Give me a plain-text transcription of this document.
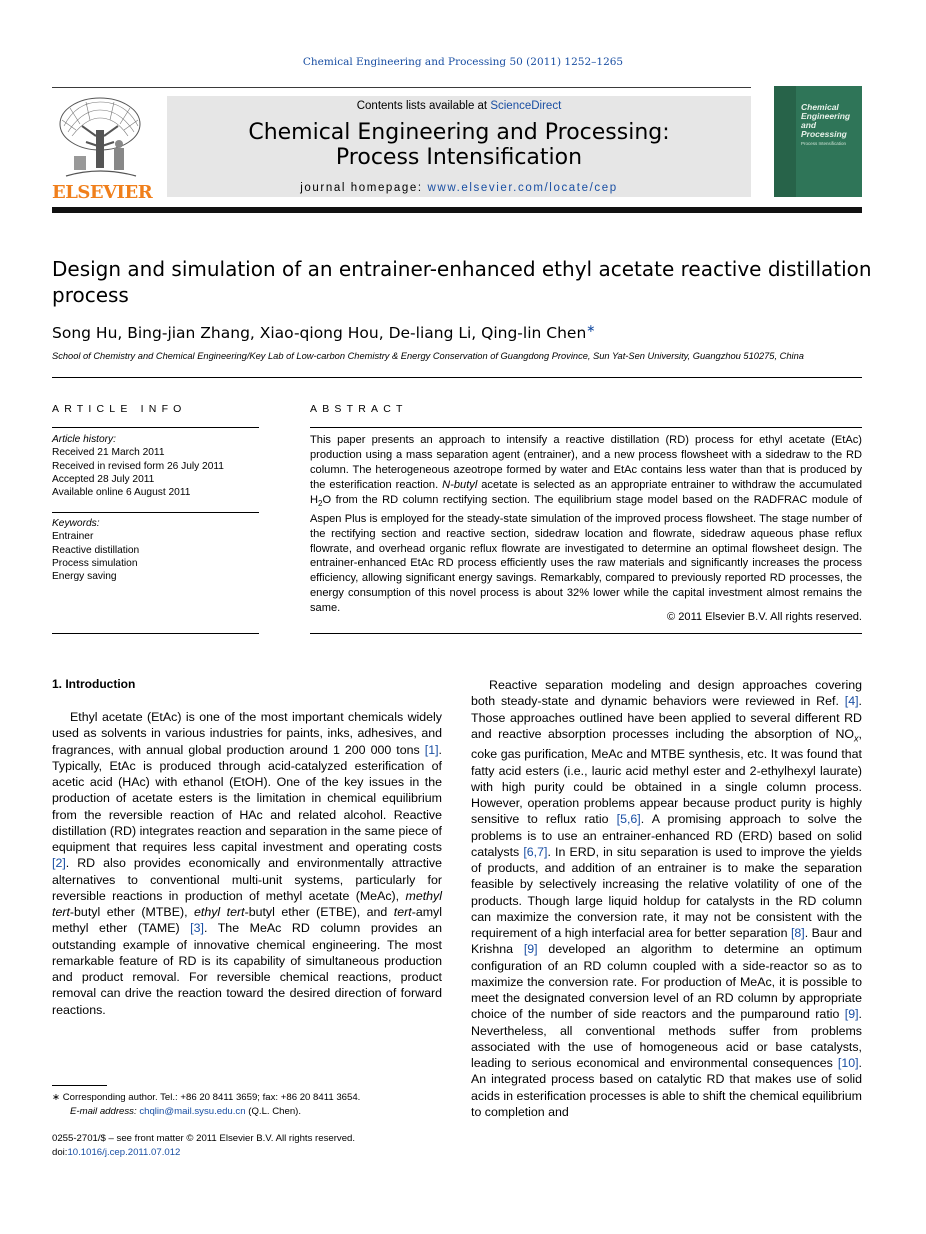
Chemical Engineering and Processing 50 (2011) 1252–1265
ELSEVIER
Contents lists available at ScienceDirect
Chemical Engineering and Processing:
Process Intensification
journal homepage: www.elsevier.com/locate/cep
Chemical Engineering and Processing
Process Intensification
Design and simulation of an entrainer-enhanced ethyl acetate reactive distillation process
Song Hu, Bing-jian Zhang, Xiao-qiong Hou, De-liang Li, Qing-lin Chen∗
School of Chemistry and Chemical Engineering/Key Lab of Low-carbon Chemistry & Energy Conservation of Guangdong Province, Sun Yat-Sen University, Guangzhou 510275, China
ARTICLE INFO	ABSTRACT
Article history:
Received 21 March 2011
Received in revised form 26 July 2011
Accepted 28 July 2011
Available online 6 August 2011
Keywords:
Entrainer
Reactive distillation
Process simulation
Energy saving
This paper presents an approach to intensify a reactive distillation (RD) process for ethyl acetate (EtAc) production using a mass separation agent (entrainer), and a new process flowsheet with a sidedraw to the RD column. The heterogeneous azeotrope formed by water and EtAc contains less water than that is produced by the esterification reaction. N-butyl acetate is selected as an appropriate entrainer to withdraw the accumulated $H_2O$ from the RD column rectifying section. The equilibrium stage model based on the RADFRAC module of Aspen Plus is employed for the steady-state simulation of the improved process flowsheet. The stage number of the rectifying section and reactive section, sidedraw location and flowrate, sidedraw aqueous phase reflux flowrate, and overhead organic reflux flowrate are investigated to determine an optimal flowsheet design. The entrainer-enhanced EtAc RD process efficiently uses the raw materials and significantly increases the process efficiency, allowing significant energy savings. Remarkably, compared to previously reported RD processes, the energy consumption of this novel process is about 32% lower while the capital investment almost remains the same.
© 2011 Elsevier B.V. All rights reserved.
1. Introduction
Ethyl acetate (EtAc) is one of the most important chemicals widely used as solvents in various industries for paints, inks, adhesives, and fragrances, with annual global production around 1 200 000 tons [1]. Typically, EtAc is produced through acid-catalyzed esterification of acetic acid (HAc) with ethanol (EtOH). One of the key issues in the production of acetate esters is the limitation in chemical equilibrium from the reversible reaction of HAc and related alcohol. Reactive distillation (RD) integrates reaction and separation in the same piece of equipment that requires less capital investment and operating costs [2]. RD also provides economically and environmentally attractive alternatives to conventional multi-unit systems, particularly for reversible reactions in production of methyl acetate (MeAc), methyl tert-butyl ether (MTBE), ethyl tert-butyl ether (ETBE), and tert-amyl methyl ether (TAME) [3]. The MeAc RD column provides an outstanding example of innovative chemical engineering. The most remarkable feature of RD is its capability of simultaneous production and product removal. For reversible chemical reactions, product removal can drive the reaction toward the desired direction of forward reactions.
Reactive separation modeling and design approaches covering both steady-state and dynamic behaviors were reviewed in Ref. [4]. Those approaches outlined have been applied to several different RD and reactive absorption processes including the absorption of $NO_x$, coke gas purification, MeAc and MTBE synthesis, etc. It was found that fatty acid esters (i.e., lauric acid methyl ester and 2-ethylhexyl laurate) with high purity could be obtained in a single column process. However, operation problems appear because product purity is highly sensitive to reflux ratio [5,6]. A promising approach to solve the problems is to use an entrainer-enhanced RD (ERD) based on solid catalysts [6,7]. In ERD, in situ separation is used to improve the yields of products, and addition of an entrainer is to make the separation feasible by selectively increasing the relative volatility of one of the products. Though large liquid holdup for catalysts in the RD column can maximize the conversion rate, it may not be consistent with the requirement of a high interfacial area for better separation [8]. Baur and Krishna [9] developed an algorithm to determine an optimum configuration of an RD column coupled with a side-reactor so as to maximize the conversion rate. For production of MeAc, it is possible to meet the designated conversion level of an RD column by appropriate choice of the number of side reactors and the pumparound ratio [9]. Nevertheless, all conventional methods suffer from problems associated with the use of homogeneous acid or base catalysts, leading to serious economical and environmental consequences [10]. An integrated process based on catalytic RD that makes use of solid acids in esterification processes is able to shift the chemical equilibrium to completion and
∗ Corresponding author. Tel.: +86 20 8411 3659; fax: +86 20 8411 3654.
E-mail address: chqlin@mail.sysu.edu.cn (Q.L. Chen).
0255-2701/$ – see front matter © 2011 Elsevier B.V. All rights reserved.
doi:10.1016/j.cep.2011.07.012
